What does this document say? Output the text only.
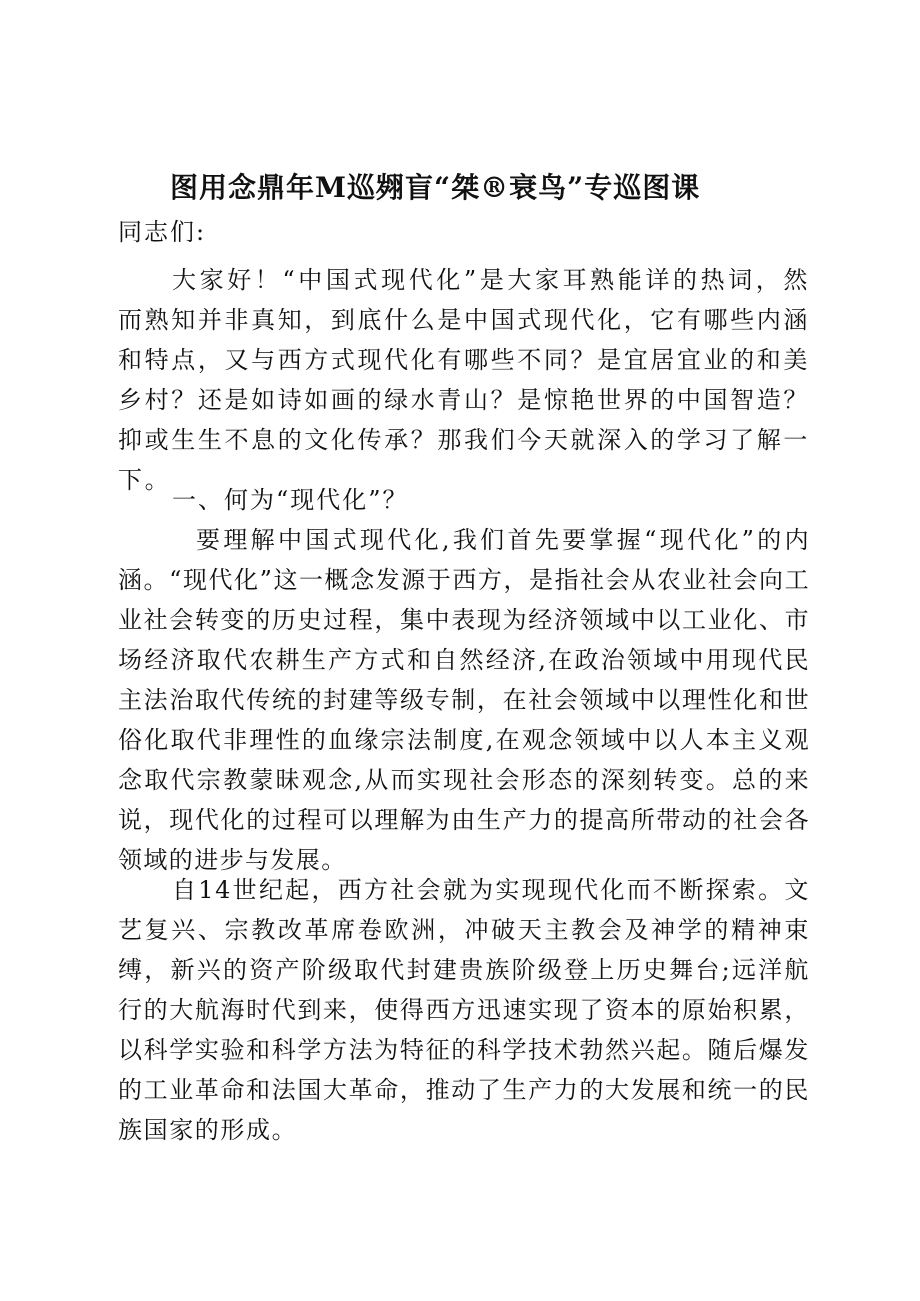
图用念鼎年M巡翙盲“桀®衰鸟”专巡图课
同志们:

大家好！“中国式现代化”是大家耳熟能详的热词，然而熟知并非真知，到底什么是中国式现代化，它有哪些内涵和特点，又与西方式现代化有哪些不同？是宜居宜业的和美乡村？还是如诗如画的绿水青山？是惊艳世界的中国智造？抑或生生不息的文化传承？那我们今天就深入的学习了解一下。

一、何为“现代化”？

要理解中国式现代化,我们首先要掌握“现代化”的内涵。“现代化”这一概念发源于西方，是指社会从农业社会向工业社会转变的历史过程，集中表现为经济领域中以工业化、市场经济取代农耕生产方式和自然经济,在政治领域中用现代民主法治取代传统的封建等级专制，在社会领域中以理性化和世俗化取代非理性的血缘宗法制度,在观念领域中以人本主义观念取代宗教蒙昧观念,从而实现社会形态的深刻转变。总的来说，现代化的过程可以理解为由生产力的提高所带动的社会各领域的进步与发展。

自14世纪起，西方社会就为实现现代化而不断探索。文艺复兴、宗教改革席卷欧洲，冲破天主教会及神学的精神束缚，新兴的资产阶级取代封建贵族阶级登上历史舞台;远洋航行的大航海时代到来，使得西方迅速实现了资本的原始积累，以科学实验和科学方法为特征的科学技术勃然兴起。随后爆发的工业革命和法国大革命，推动了生产力的大发展和统一的民族国家的形成。
